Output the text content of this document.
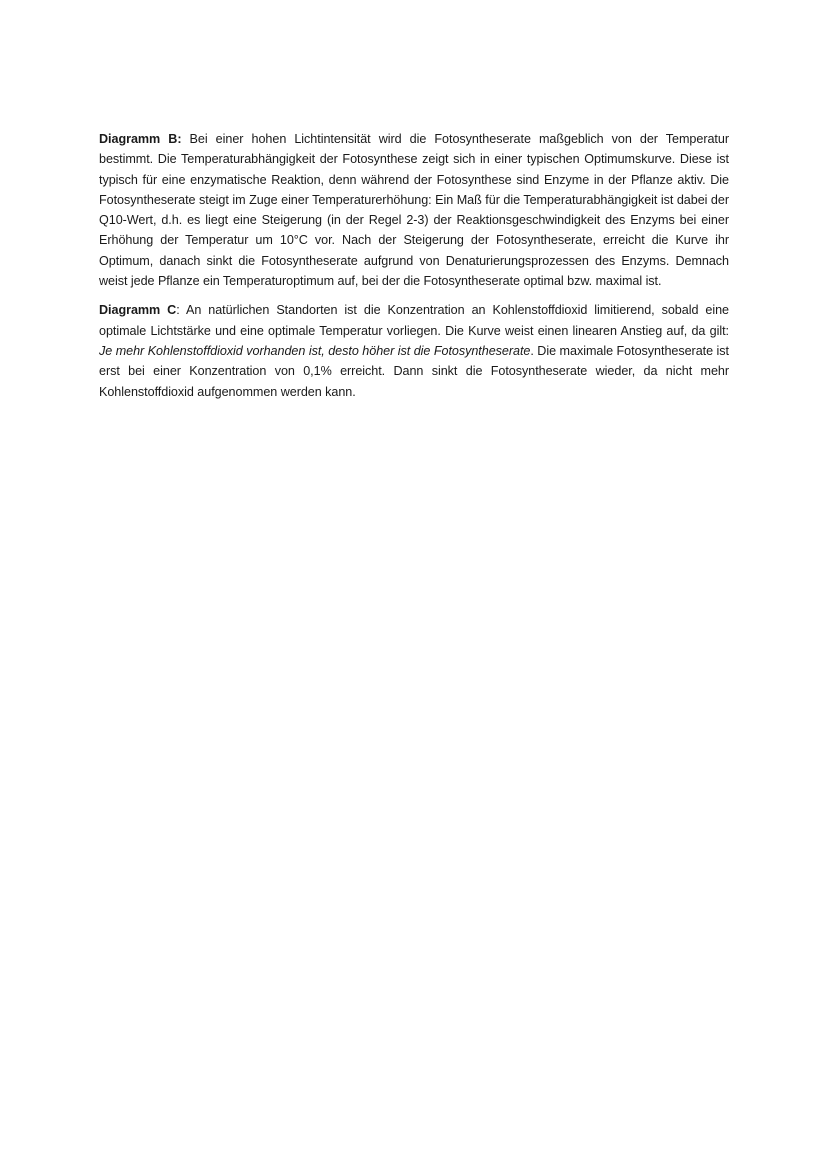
Diagramm B: Bei einer hohen Lichtintensität wird die Fotosyntheserate maßgeblich von der Temperatur bestimmt. Die Temperaturabhängigkeit der Fotosynthese zeigt sich in einer typischen Optimumskurve. Diese ist typisch für eine enzymatische Reaktion, denn während der Fotosynthese sind Enzyme in der Pflanze aktiv. Die Fotosyntheserate steigt im Zuge einer Temperaturerhöhung: Ein Maß für die Temperaturabhängigkeit ist dabei der Q10-Wert, d.h. es liegt eine Steigerung (in der Regel 2-3) der Reaktionsgeschwindigkeit des Enzyms bei einer Erhöhung der Temperatur um 10°C vor. Nach der Steigerung der Fotosyntheserate, erreicht die Kurve ihr Optimum, danach sinkt die Fotosyntheserate aufgrund von Denaturierungsprozessen des Enzyms. Demnach weist jede Pflanze ein Temperaturoptimum auf, bei der die Fotosyntheserate optimal bzw. maximal ist.

Diagramm C: An natürlichen Standorten ist die Konzentration an Kohlenstoffdioxid limitierend, sobald eine optimale Lichtstärke und eine optimale Temperatur vorliegen. Die Kurve weist einen linearen Anstieg auf, da gilt: Je mehr Kohlenstoffdioxid vorhanden ist, desto höher ist die Fotosyntheserate. Die maximale Fotosyntheserate ist erst bei einer Konzentration von 0,1% erreicht. Dann sinkt die Fotosyntheserate wieder, da nicht mehr Kohlenstoffdioxid aufgenommen werden kann.
